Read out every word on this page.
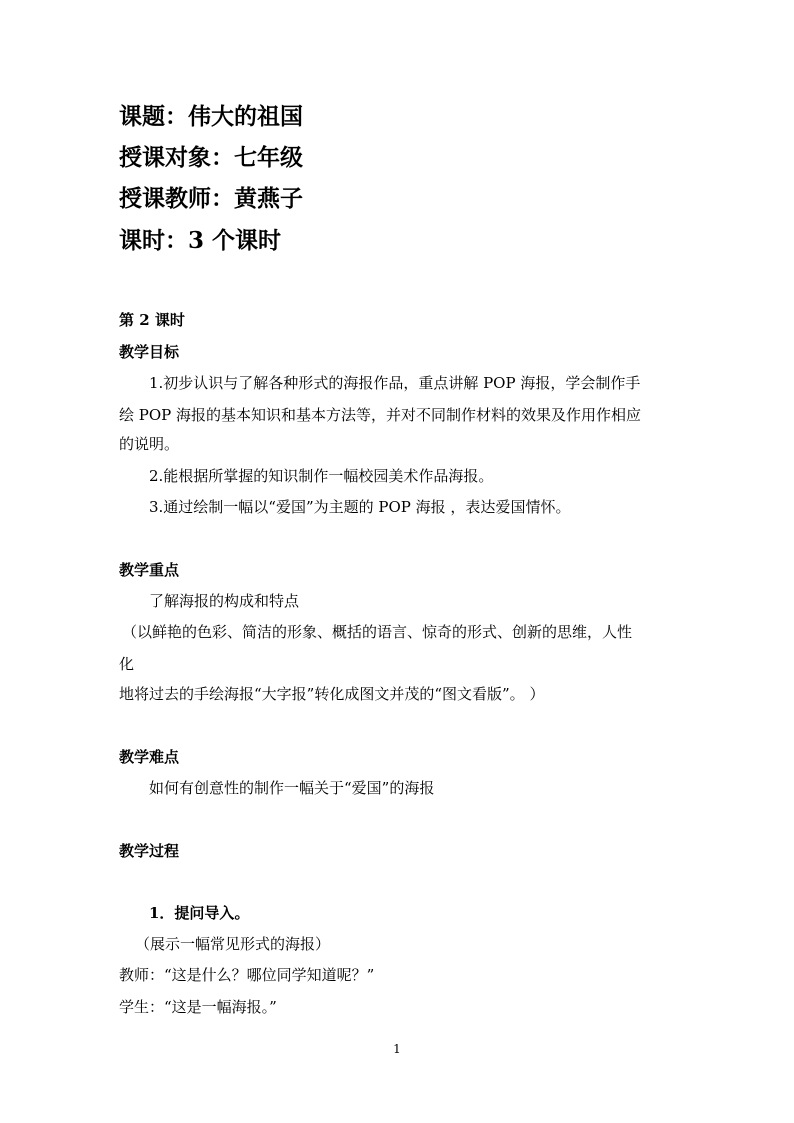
课题：伟大的祖国
授课对象：七年级
授课教师：黄燕子
课时：3 个课时
第 2 课时
教学目标
1.初步认识与了解各种形式的海报作品，重点讲解 POP 海报，学会制作手
绘 POP 海报的基本知识和基本方法等，并对不同制作材料的效果及作用作相应
的说明。
2.能根据所掌握的知识制作一幅校园美术作品海报。
3.通过绘制一幅以“爱国”为主题的 POP 海报 ，表达爱国情怀。
教学重点
了解海报的构成和特点
（以鲜艳的色彩、简洁的形象、概括的语言、惊奇的形式、创新的思维，人性
化
地将过去的手绘海报“大字报”转化成图文并茂的“图文看版”。 ）
教学难点
如何有创意性的制作一幅关于“爱国”的海报
教学过程
1．提问导入。
（展示一幅常见形式的海报）
教师：“这是什么？哪位同学知道呢？”
学生：“这是一幅海报。”
1
